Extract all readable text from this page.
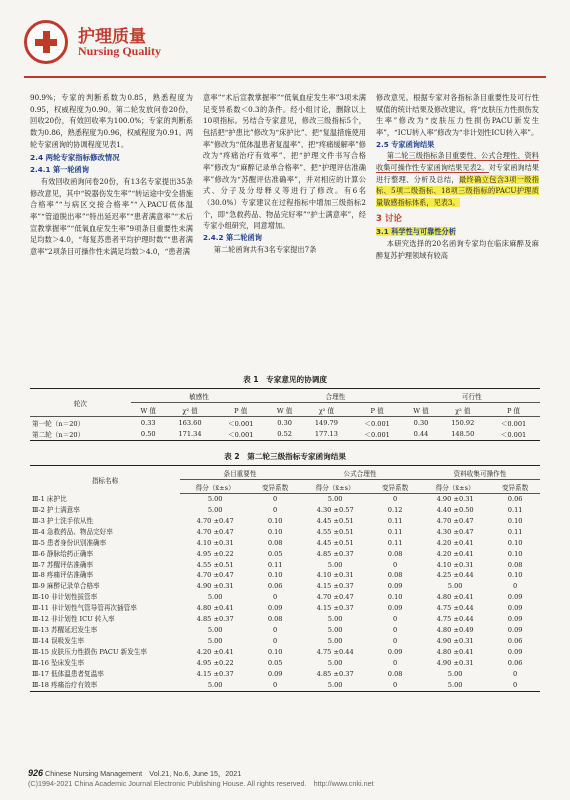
护理质量
Nursing Quality

90.9%；专家的判断系数为0.85，熟悉程度为0.95，权威程度为0.90。第二轮发放问卷20份，回收20份，有效回收率为100.0%；专家的判断系数为0.86，熟悉程度为0.96，权威程度为0.91。两轮专家函询的协调程度见表1。

2.4 两轮专家指标修改情况
2.4.1 第一轮函询

有效回收函询问卷20份，有13名专家提出35条修改意见，其中“锐器伤发生率”“转运途中安全措施合格率”“与病区交接合格率”“入PACU低体温率”“管道脱出率”“特出延迟率”“患者满意率”“术后宣教掌握率”“低氧血症发生率”9项条目重要性未满足均数＞4.0，“每复苏患者平均护理时数”“患者满意率”2项条目可操作性未满足均数＞4.0，“患者满

意率”“术后宣教掌握率”“低氧血症发生率”3项未满足变异系数＜0.3的条件。经小组讨论，删除以上10项指标。另结合专家意见，修改三级指标5个，包括把“护患比”修改为“床护比”、把“复温措施使用率”修改为“低体温患者复温率”、把“疼痛缓解率”修改为“疼痛治疗有效率”、把“护理文件书写合格率”修改为“麻醉记录单合格率”、把“护理评估准确率”修改为“苏醒评估准确率”，并对相应的计算公式、分子及分母释义等进行了修改。有6名（30.0%）专家建议在过程指标中增加三级指标2个，即“急救药品、物品完好率”“护士满意率”，经专家小组研究，同意增加。

2.4.2 第二轮函询

第二轮函询共有3名专家提出7条

修改意见。根据专家对各指标条目重要性及可行性赋值的统计结果及修改建议，将“皮肤压力性损伤发生率”修改为“皮肤压力性损伤PACU新发生率”，“ICU转入率”修改为“非计划性ICU转入率”。

2.5 专家函询结果

第二轮三级指标条目重要性、公式合理性、资料收集可操作性专家函询结果见表2。对专家函询结果进行整理、分析及总结，最终确立包含3项一级指标、5项二级指标、18项三级指标的PACU护理质量敏感指标体系，见表3。

3 讨论
3.1 科学性与可靠性分析

本研究选择的20名函询专家均在临床麻醉及麻醉复苏护理领域有较高

表 1　专家意见的协调度
轮次	敏感性			合理性			可行性		
	W 值	χ² 值	P 值	W 值	χ² 值	P 值	W 值	χ² 值	P 值
第一轮（n＝20）	0.33	163.60	＜0.001	0.30	149.79	＜0.001	0.30	150.92	＜0.001
第二轮（n＝20）	0.50	171.34	＜0.001	0.52	177.13	＜0.001	0.44	148.50	＜0.001
表 2　第二轮三级指标专家函询结果
指标名称	条目重要性		公式合理性		资料收集可操作性	
	得分（x̄±s）	变异系数	得分（x̄±s）	变异系数	得分（x̄±s）	变异系数
Ⅲ-1 床护比	5.00	0	5.00	0	4.90 ±0.31	0.06
Ⅲ-2 护士满意率	5.00	0	4.30 ±0.57	0.12	4.40 ±0.50	0.11
Ⅲ-3 护士洗手依从性	4.70 ±0.47	0.10	4.45 ±0.51	0.11	4.70 ±0.47	0.10
Ⅲ-4 急救药品、物品完好率	4.70 ±0.47	0.10	4.55 ±0.51	0.11	4.30 ±0.47	0.11
Ⅲ-5 患者身份识别准确率	4.10 ±0.31	0.08	4.45 ±0.51	0.11	4.20 ±0.41	0.10
Ⅲ-6 静脉给药正确率	4.95 ±0.22	0.05	4.85 ±0.37	0.08	4.20 ±0.41	0.10
Ⅲ-7 苏醒评估准确率	4.55 ±0.51	0.11	5.00	0	4.10 ±0.31	0.08
Ⅲ-8 疼痛评估准确率	4.70 ±0.47	0.10	4.10 ±0.31	0.08	4.25 ±0.44	0.10
Ⅲ-9 麻醉记录单合格率	4.90 ±0.31	0.06	4.15 ±0.37	0.09	5.00	0
Ⅲ-10 非计划性拔管率	5.00	0	4.70 ±0.47	0.10	4.80 ±0.41	0.09
Ⅲ-11 非计划性气管导管再次插管率	4.80 ±0.41	0.09	4.15 ±0.37	0.09	4.75 ±0.44	0.09
Ⅲ-12 非计划性 ICU 转入率	4.85 ±0.37	0.08	5.00	0	4.75 ±0.44	0.09
Ⅲ-13 苏醒延迟发生率	5.00	0	5.00	0	4.80 ±0.49	0.09
Ⅲ-14 误吸发生率	5.00	0	5.00	0	4.90 ±0.31	0.06
Ⅲ-15 皮肤压力性损伤 PACU 新发生率	4.20 ±0.41	0.10	4.75 ±0.44	0.09	4.80 ±0.41	0.09
Ⅲ-16 坠床发生率	4.95 ±0.22	0.05	5.00	0	4.90 ±0.31	0.06
Ⅲ-17 低体温患者复温率	4.15 ±0.37	0.09	4.85 ±0.37	0.08	5.00	0
Ⅲ-18 疼痛治疗有效率	5.00	0	5.00	0	5.00	0
926 Chinese Nursing Management　Vol.21, No.6, June 15，2021
(C)1994-2021 China Academic Journal Electronic Publishing House. All rights reserved.　http://www.cnki.net
